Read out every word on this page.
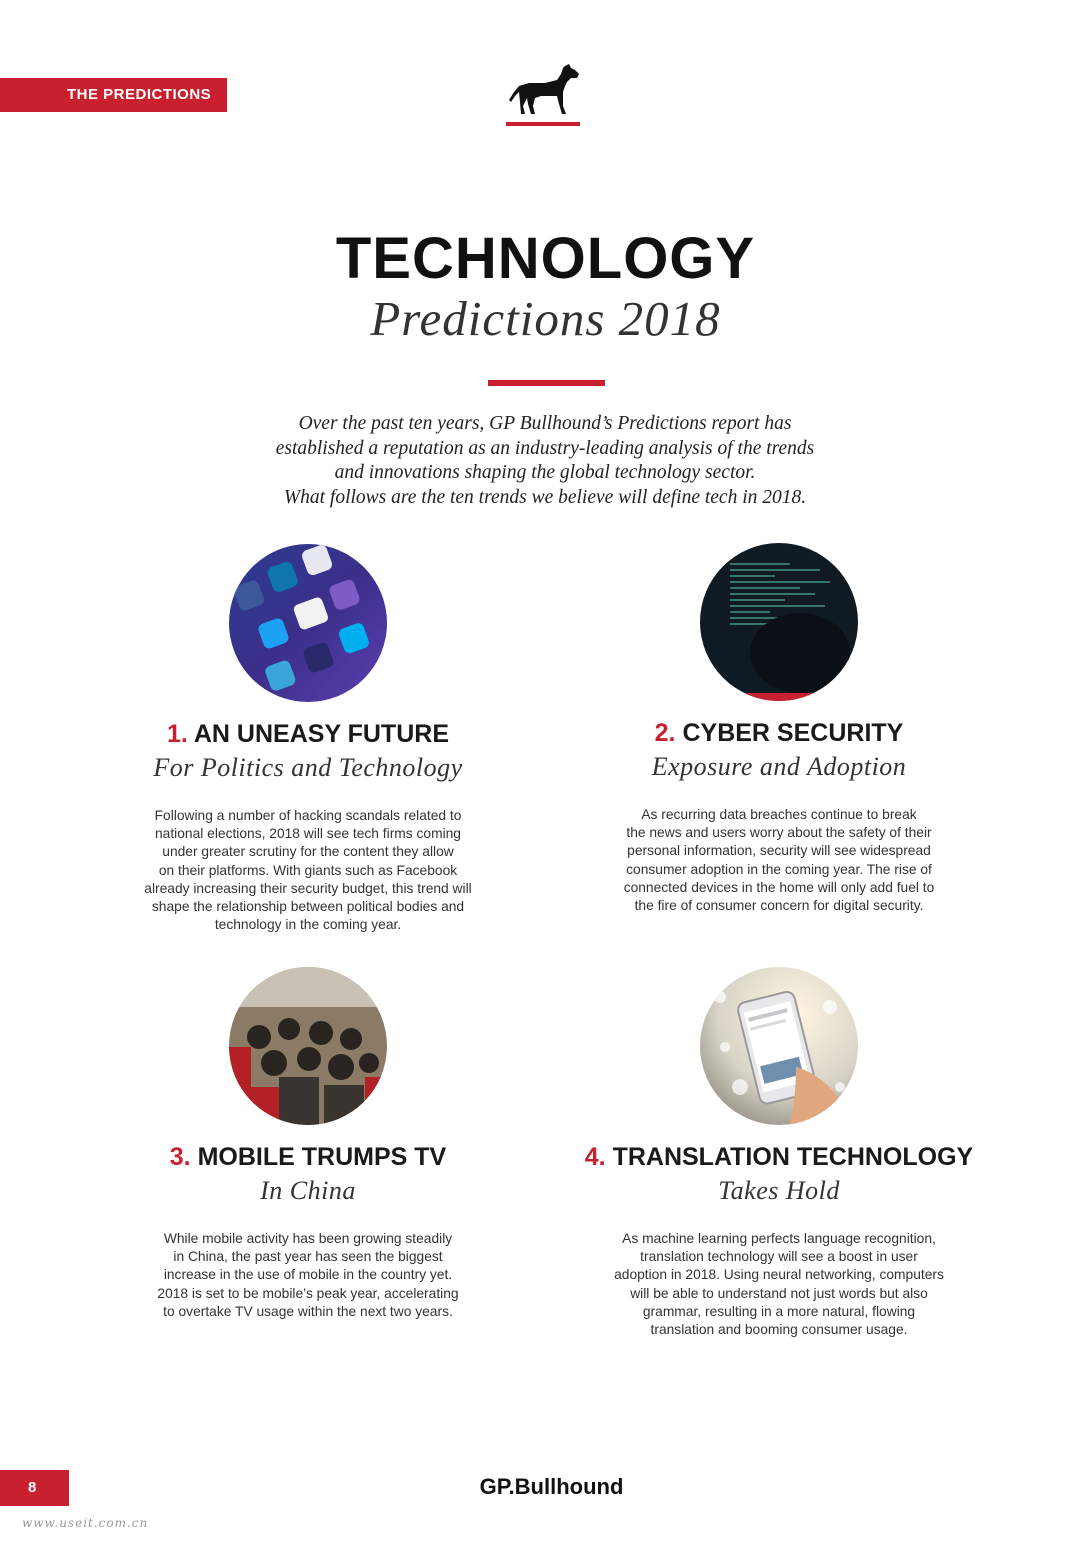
THE PREDICTIONS
TECHNOLOGY
Predictions 2018
Over the past ten years, GP Bullhound’s Predictions report has
established a reputation as an industry-leading analysis of the trends
and innovations shaping the global technology sector.
What follows are the ten trends we believe will define tech in 2018.
1. AN UNEASY FUTURE
For Politics and Technology
Following a number of hacking scandals related to
national elections, 2018 will see tech firms coming
under greater scrutiny for the content they allow
on their platforms. With giants such as Facebook
already increasing their security budget, this trend will
shape the relationship between political bodies and
technology in the coming year.
2. CYBER SECURITY
Exposure and Adoption
As recurring data breaches continue to break
the news and users worry about the safety of their
personal information, security will see widespread
consumer adoption in the coming year. The rise of
connected devices in the home will only add fuel to
the fire of consumer concern for digital security.
3. MOBILE TRUMPS TV
In China
While mobile activity has been growing steadily
in China, the past year has seen the biggest
increase in the use of mobile in the country yet.
2018 is set to be mobile’s peak year, accelerating
to overtake TV usage within the next two years.
4. TRANSLATION TECHNOLOGY
Takes Hold
As machine learning perfects language recognition,
translation technology will see a boost in user
adoption in 2018. Using neural networking, computers
will be able to understand not just words but also
grammar, resulting in a more natural, flowing
translation and booming consumer usage.
8	GP.Bullhound
www.useit.com.cn
